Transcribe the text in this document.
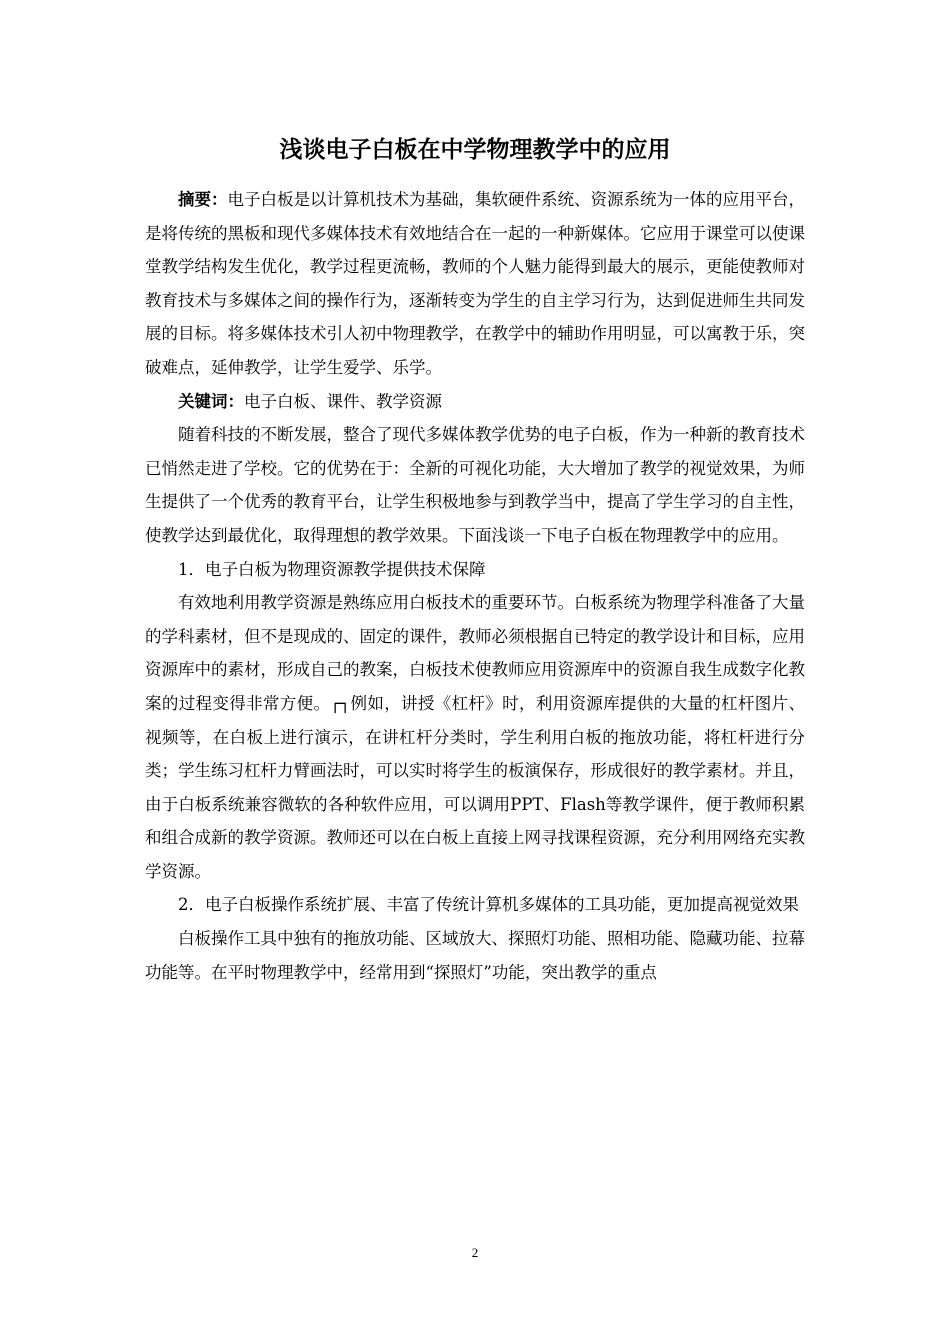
浅谈电子白板在中学物理教学中的应用

摘要：电子白板是以计算机技术为基础，集软硬件系统、资源系统为一体的应用平台，是将传统的黑板和现代多媒体技术有效地结合在一起的一种新媒体。它应用于课堂可以使课堂教学结构发生优化，教学过程更流畅，教师的个人魅力能得到最大的展示，更能使教师对教育技术与多媒体之间的操作行为，逐渐转变为学生的自主学习行为，达到促进师生共同发展的目标。将多媒体技术引人初中物理教学，在教学中的辅助作用明显，可以寓教于乐，突破难点，延伸教学，让学生爱学、乐学。

关键词：电子白板、课件、教学资源

随着科技的不断发展，整合了现代多媒体教学优势的电子白板，作为一种新的教育技术已悄然走进了学校。它的优势在于：全新的可视化功能，大大增加了教学的视觉效果，为师生提供了一个优秀的教育平台，让学生积极地参与到教学当中，提高了学生学习的自主性，使教学达到最优化，取得理想的教学效果。下面浅谈一下电子白板在物理教学中的应用。

1．电子白板为物理资源教学提供技术保障

有效地利用教学资源是熟练应用白板技术的重要环节。白板系统为物理学科准备了大量的学科素材，但不是现成的、固定的课件，教师必须根据自已特定的教学设计和目标，应用资源库中的素材，形成自己的教案，白板技术使教师应用资源库中的资源自我生成数字化教案的过程变得非常方便。┌┐例如，讲授《杠杆》时，利用资源库提供的大量的杠杆图片、视频等，在白板上进行演示，在讲杠杆分类时，学生利用白板的拖放功能，将杠杆进行分类；学生练习杠杆力臂画法时，可以实时将学生的板演保存，形成很好的教学素材。并且，由于白板系统兼容微软的各种软件应用，可以调用PPT、Flash等教学课件，便于教师积累和组合成新的教学资源。教师还可以在白板上直接上网寻找课程资源，充分利用网络充实教学资源。

2．电子白板操作系统扩展、丰富了传统计算机多媒体的工具功能，更加提高视觉效果

白板操作工具中独有的拖放功能、区域放大、探照灯功能、照相功能、隐藏功能、拉幕功能等。在平时物理教学中，经常用到“探照灯”功能，突出教学的重点

2
